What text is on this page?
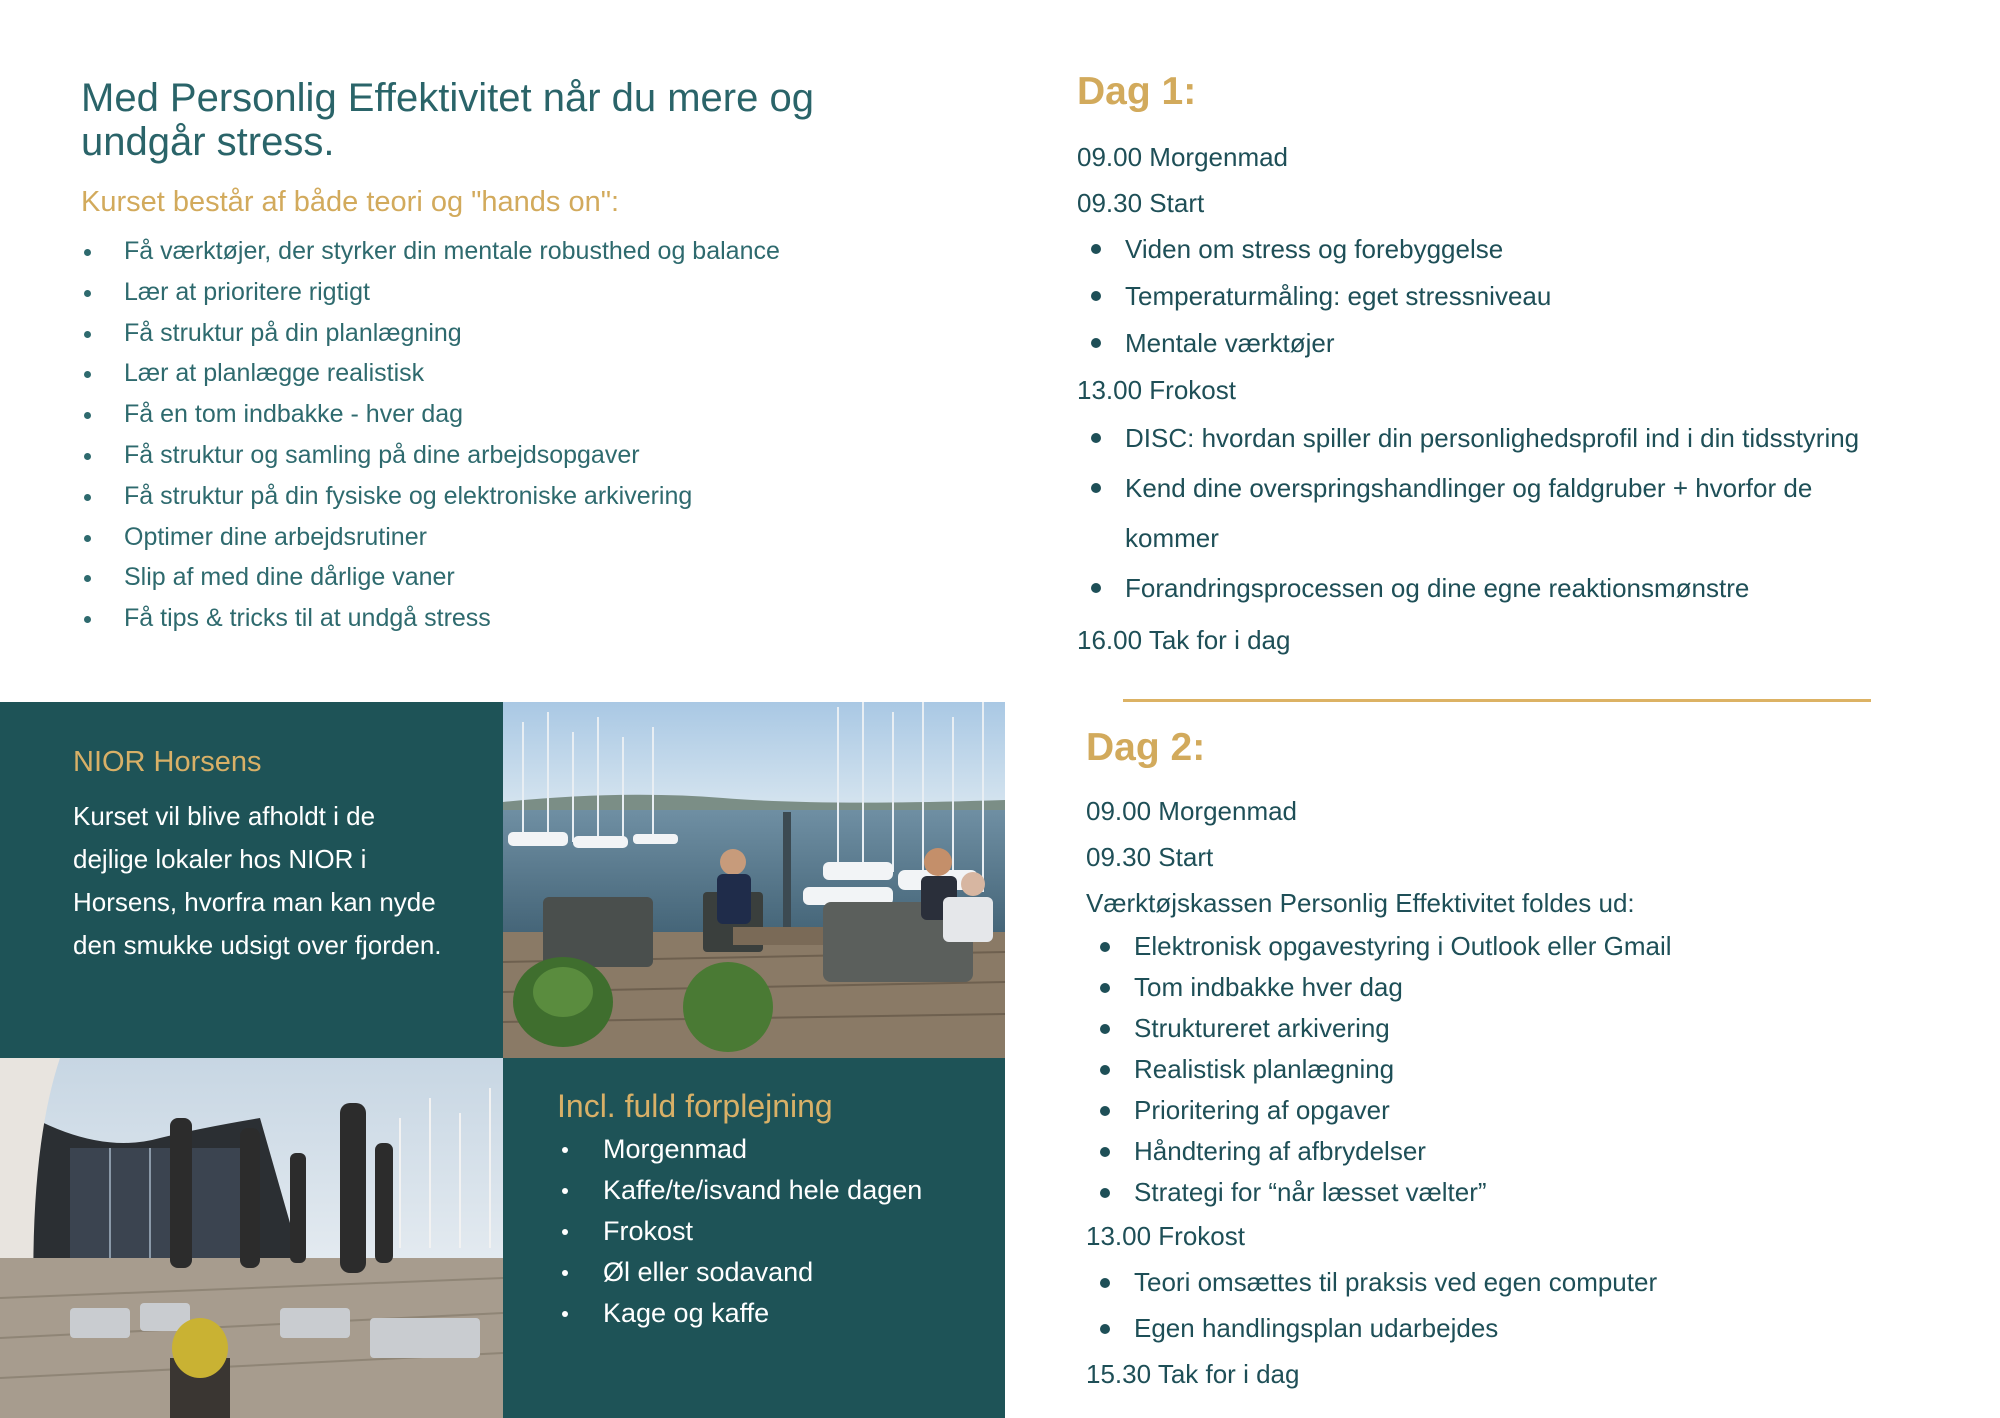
Med Personlig Effektivitet når du mere og undgår stress.
Kurset består af både teori og "hands on":
Få værktøjer, der styrker din mentale robusthed og balance
Lær at prioritere rigtigt
Få struktur på din planlægning
Lær at planlægge realistisk
Få en tom indbakke - hver dag
Få struktur og samling på dine arbejdsopgaver
Få struktur på din fysiske og elektroniske arkivering
Optimer dine arbejdsrutiner
Slip af med dine dårlige vaner
Få tips & tricks til at undgå stress
Dag 1:
09.00 Morgenmad
09.30 Start
Viden om stress og forebyggelse
Temperaturmåling: eget stressniveau
Mentale værktøjer
13.00 Frokost
DISC: hvordan spiller din personlighedsprofil ind i din tidsstyring
Kend dine overspringshandlinger og faldgruber + hvorfor de kommer
Forandringsprocessen og dine egne reaktionsmønstre
16.00 Tak for i dag
Dag 2:
09.00 Morgenmad
09.30 Start
Værktøjskassen Personlig Effektivitet foldes ud:
Elektronisk opgavestyring i Outlook eller Gmail
Tom indbakke hver dag
Struktureret arkivering
Realistisk planlægning
Prioritering af opgaver
Håndtering af afbrydelser
Strategi for “når læsset vælter”
13.00 Frokost
Teori omsættes til praksis ved egen computer
Egen handlingsplan udarbejdes
15.30 Tak for i dag
NIOR Horsens
Kurset vil blive afholdt i de dejlige lokaler hos NIOR i Horsens, hvorfra man kan nyde den smukke udsigt over fjorden.
Incl. fuld forplejning
Morgenmad
Kaffe/te/isvand hele dagen
Frokost
Øl eller sodavand
Kage og kaffe
